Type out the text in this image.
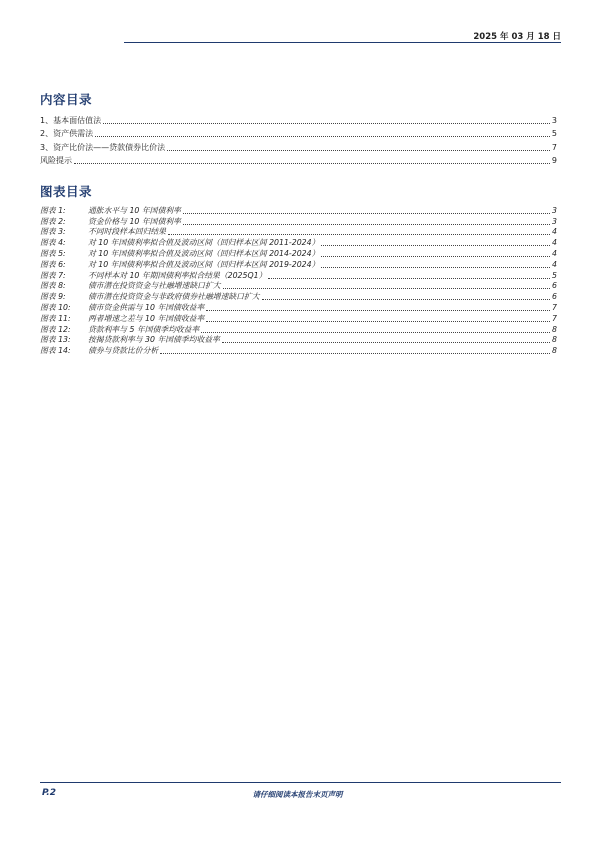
2025 年 03 月 18 日
内容目录
1、基本面估值法	3
2、资产供需法	5
3、资产比价法——贷款债券比价法	7
风险提示	9
图表目录
图表 1:	通胀水平与 10 年国债利率	3
图表 2:	资金价格与 10 年国债利率	3
图表 3:	不同时段样本回归结果	4
图表 4:	对 10 年国债利率拟合值及波动区间（回归样本区间 2011-2024）	4
图表 5:	对 10 年国债利率拟合值及波动区间（回归样本区间 2014-2024）	4
图表 6:	对 10 年国债利率拟合值及波动区间（回归样本区间 2019-2024）	4
图表 7:	不同样本对 10 年期国债利率拟合结果（2025Q1）	5
图表 8:	债市潜在投资资金与社融增速缺口扩大	6
图表 9:	债市潜在投资资金与非政府债券社融增速缺口扩大	6
图表 10: 债市资金供需与 10 年国债收益率	7
图表 11: 两者增速之差与 10 年国债收益率	7
图表 12: 贷款利率与 5 年国债季均收益率	8
图表 13: 按揭贷款利率与 30 年国债季均收益率	8
图表 14: 债券与贷款比价分析	8
P.2	请仔细阅读本报告末页声明
